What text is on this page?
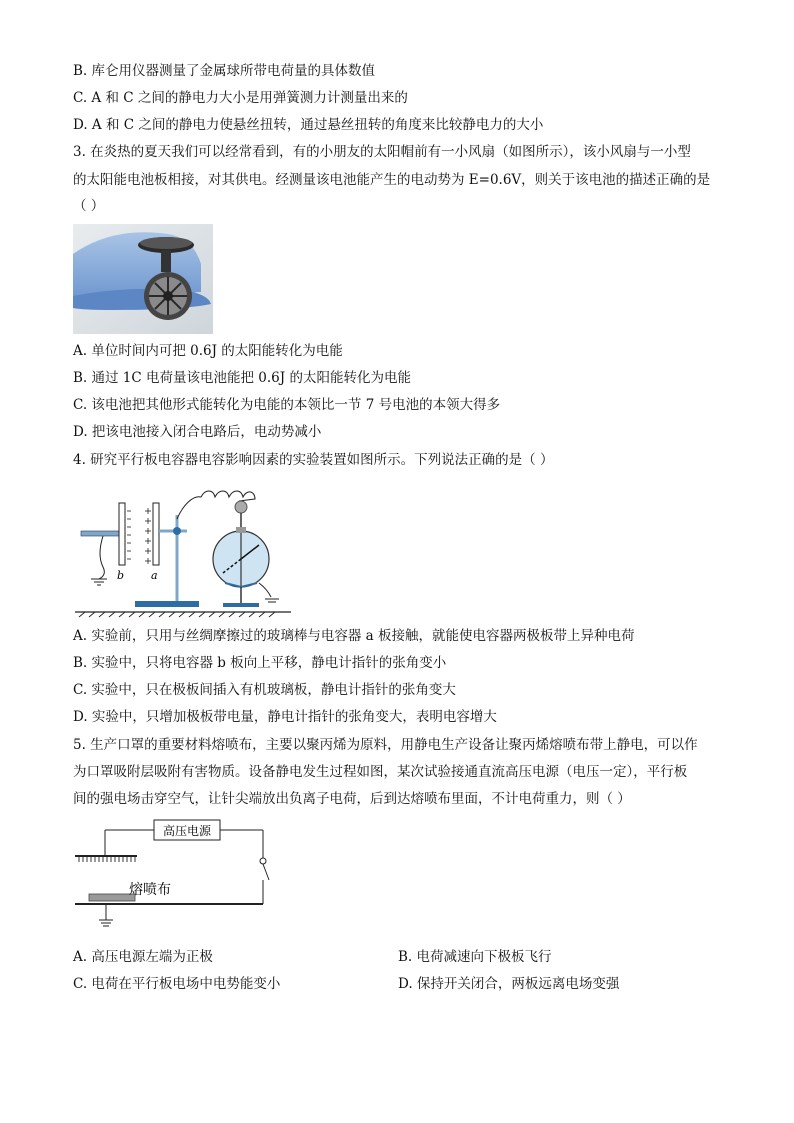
B. 库仑用仪器测量了金属球所带电荷量的具体数值
C. A 和 C 之间的静电力大小是用弹簧测力计测量出来的
D. A 和 C 之间的静电力使悬丝扭转，通过悬丝扭转的角度来比较静电力的大小
3. 在炎热的夏天我们可以经常看到，有的小朋友的太阳帽前有一小风扇（如图所示），该小风扇与一小型
的太阳能电池板相接，对其供电。经测量该电池能产生的电动势为 E=0.6V，则关于该电池的描述正确的是
（ ）
A. 单位时间内可把 0.6J 的太阳能转化为电能
B. 通过 1C 电荷量该电池能把 0.6J 的太阳能转化为电能
C. 该电池把其他形式能转化为电能的本领比一节 7 号电池的本领大得多
D. 把该电池接入闭合电路后，电动势减小
4. 研究平行板电容器电容影响因素的实验装置如图所示。下列说法正确的是（ ）
b a
A. 实验前，只用与丝绸摩擦过的玻璃棒与电容器 a 板接触，就能使电容器两极板带上异种电荷
B. 实验中，只将电容器 b 板向上平移，静电计指针的张角变小
C. 实验中，只在极板间插入有机玻璃板，静电计指针的张角变大
D. 实验中，只增加极板带电量，静电计指针的张角变大，表明电容增大
5. 生产口罩的重要材料熔喷布，主要以聚丙烯为原料，用静电生产设备让聚丙烯熔喷布带上静电，可以作
为口罩吸附层吸附有害物质。设备静电发生过程如图，某次试验接通直流高压电源（电压一定），平行板
间的强电场击穿空气，让针尖端放出负离子电荷，后到达熔喷布里面，不计电荷重力，则（ ）
高压电源
熔喷布
A. 高压电源左端为正极	B. 电荷减速向下极板飞行
C. 电荷在平行板电场中电势能变小	D. 保持开关闭合，两板远离电场变强
